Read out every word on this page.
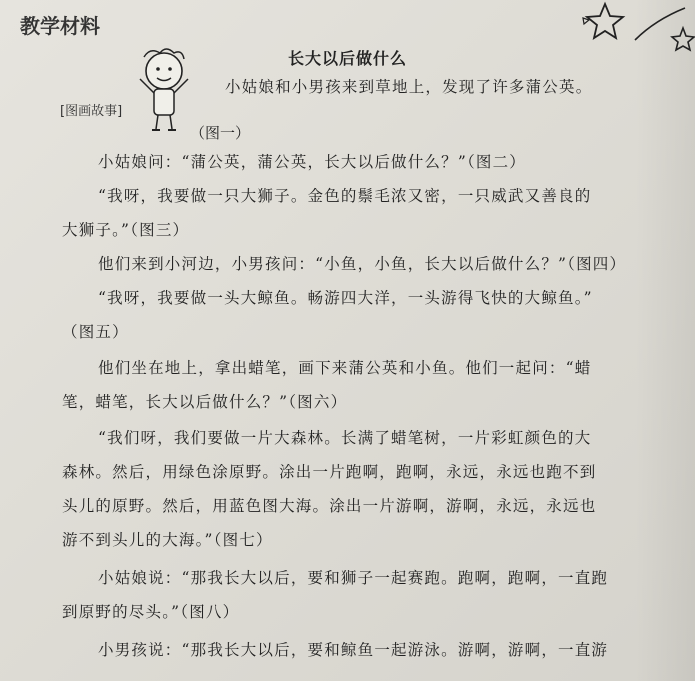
教学材料
长大以后做什么
[图画故事]
（图一）
小姑娘和小男孩来到草地上，发现了许多蒲公英。
小姑娘问：“蒲公英，蒲公英，长大以后做什么？”（图二）
“我呀，我要做一只大狮子。金色的鬃毛浓又密，一只威武又善良的
大狮子。”（图三）
他们来到小河边，小男孩问：“小鱼，小鱼，长大以后做什么？”（图四）
“我呀，我要做一头大鲸鱼。畅游四大洋，一头游得飞快的大鲸鱼。”
（图五）
他们坐在地上，拿出蜡笔，画下来蒲公英和小鱼。他们一起问：“蜡
笔，蜡笔，长大以后做什么？”（图六）
“我们呀，我们要做一片大森林。长满了蜡笔树，一片彩虹颜色的大
森林。然后，用绿色涂原野。涂出一片跑啊，跑啊，永远，永远也跑不到
头儿的原野。然后，用蓝色图大海。涂出一片游啊，游啊，永远，永远也
游不到头儿的大海。”（图七）
小姑娘说：“那我长大以后，要和狮子一起赛跑。跑啊，跑啊，一直跑
到原野的尽头。”（图八）
小男孩说：“那我长大以后，要和鲸鱼一起游泳。游啊，游啊，一直游
